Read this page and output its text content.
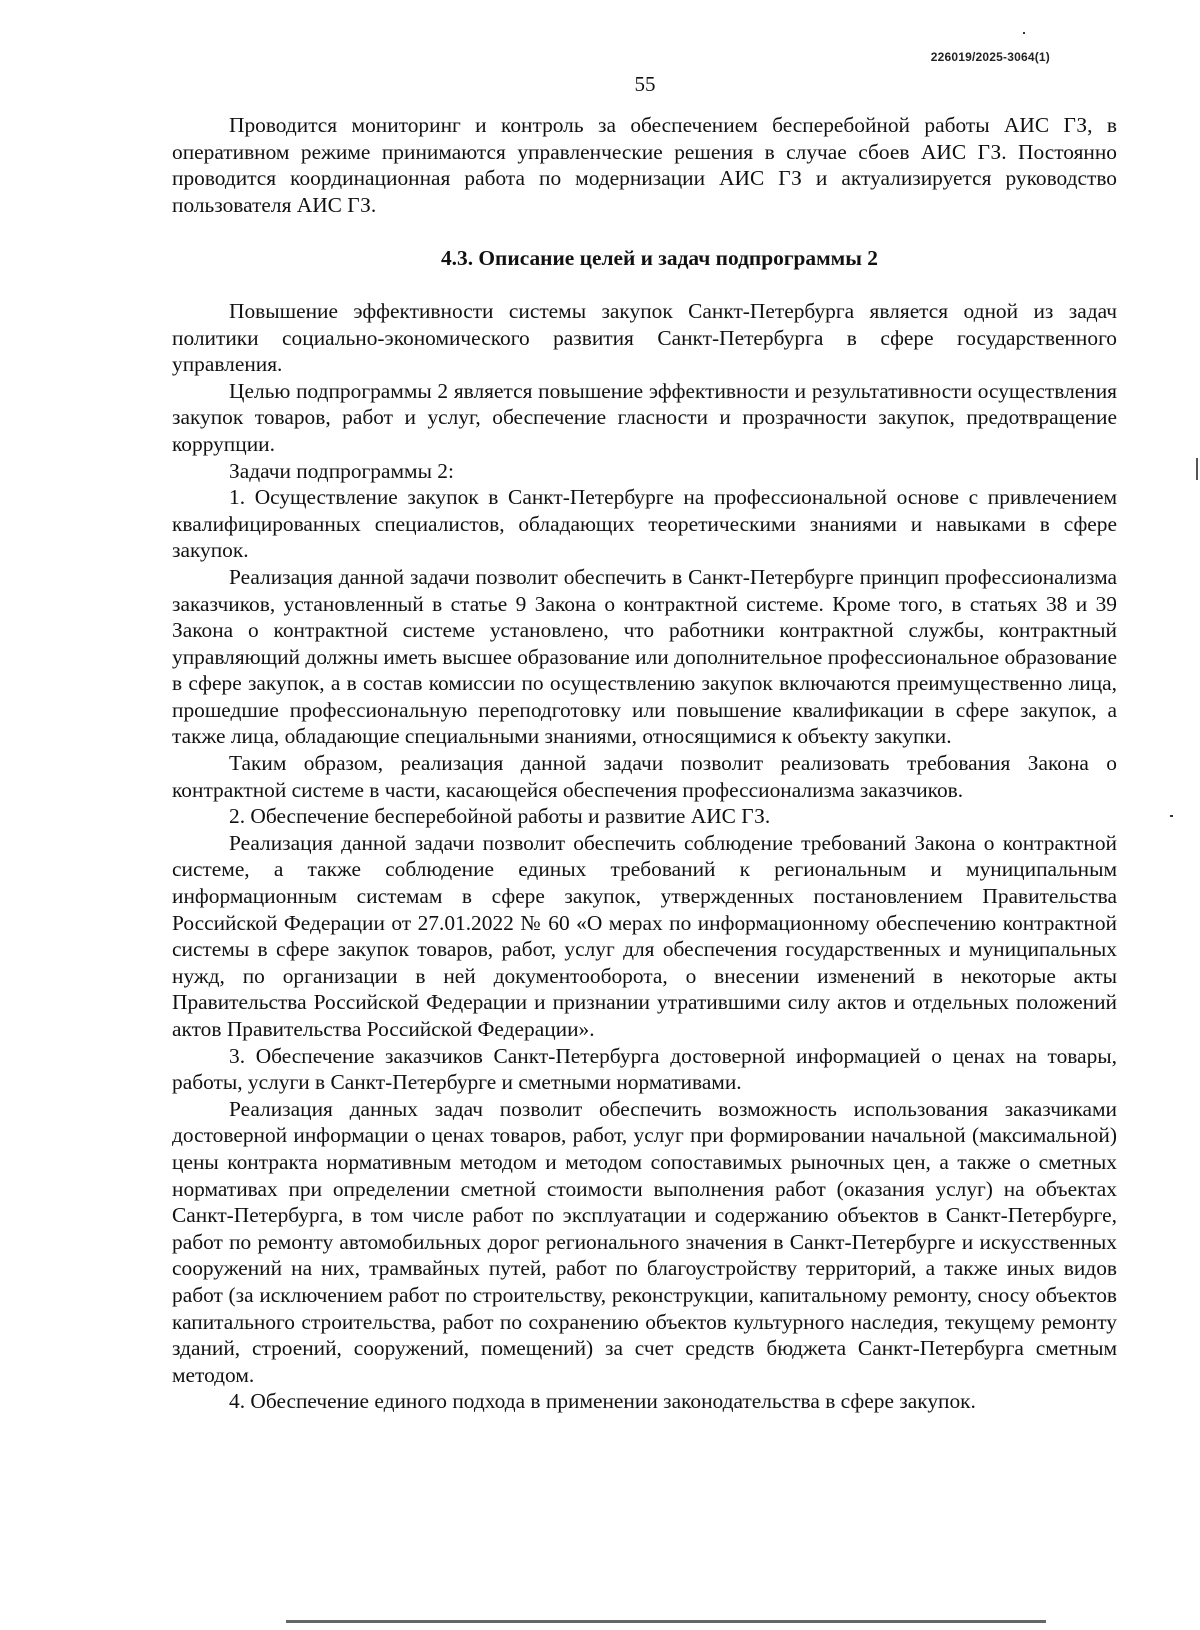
226019/2025-3064(1)
55

Проводится мониторинг и контроль за обеспечением бесперебойной работы АИС ГЗ, в оперативном режиме принимаются управленческие решения в случае сбоев АИС ГЗ. Постоянно проводится координационная работа по модернизации АИС ГЗ и актуализируется руководство пользователя АИС ГЗ.

4.3. Описание целей и задач подпрограммы 2

Повышение эффективности системы закупок Санкт-Петербурга является одной из задач политики социально-экономического развития Санкт-Петербурга в сфере государственного управления.

Целью подпрограммы 2 является повышение эффективности и результативности осуществления закупок товаров, работ и услуг, обеспечение гласности и прозрачности закупок, предотвращение коррупции.

Задачи подпрограммы 2:

1. Осуществление закупок в Санкт-Петербурге на профессиональной основе с привлечением квалифицированных специалистов, обладающих теоретическими знаниями и навыками в сфере закупок.

Реализация данной задачи позволит обеспечить в Санкт-Петербурге принцип профессионализма заказчиков, установленный в статье 9 Закона о контрактной системе. Кроме того, в статьях 38 и 39 Закона о контрактной системе установлено, что работники контрактной службы, контрактный управляющий должны иметь высшее образование или дополнительное профессиональное образование в сфере закупок, а в состав комиссии по осуществлению закупок включаются преимущественно лица, прошедшие профессиональную переподготовку или повышение квалификации в сфере закупок, а также лица, обладающие специальными знаниями, относящимися к объекту закупки.

Таким образом, реализация данной задачи позволит реализовать требования Закона о контрактной системе в части, касающейся обеспечения профессионализма заказчиков.

2. Обеспечение бесперебойной работы и развитие АИС ГЗ.

Реализация данной задачи позволит обеспечить соблюдение требований Закона о контрактной системе, а также соблюдение единых требований к региональным и муниципальным информационным системам в сфере закупок, утвержденных постановлением Правительства Российской Федерации от 27.01.2022 № 60 «О мерах по информационному обеспечению контрактной системы в сфере закупок товаров, работ, услуг для обеспечения государственных и муниципальных нужд, по организации в ней документооборота, о внесении изменений в некоторые акты Правительства Российской Федерации и признании утратившими силу актов и отдельных положений актов Правительства Российской Федерации».

3. Обеспечение заказчиков Санкт-Петербурга достоверной информацией о ценах на товары, работы, услуги в Санкт-Петербурге и сметными нормативами.

Реализация данных задач позволит обеспечить возможность использования заказчиками достоверной информации о ценах товаров, работ, услуг при формировании начальной (максимальной) цены контракта нормативным методом и методом сопоставимых рыночных цен, а также о сметных нормативах при определении сметной стоимости выполнения работ (оказания услуг) на объектах Санкт-Петербурга, в том числе работ по эксплуатации и содержанию объектов в Санкт-Петербурге, работ по ремонту автомобильных дорог регионального значения в Санкт-Петербурге и искусственных сооружений на них, трамвайных путей, работ по благоустройству территорий, а также иных видов работ (за исключением работ по строительству, реконструкции, капитальному ремонту, сносу объектов капитального строительства, работ по сохранению объектов культурного наследия, текущему ремонту зданий, строений, сооружений, помещений) за счет средств бюджета Санкт-Петербурга сметным методом.

4. Обеспечение единого подхода в применении законодательства в сфере закупок.
